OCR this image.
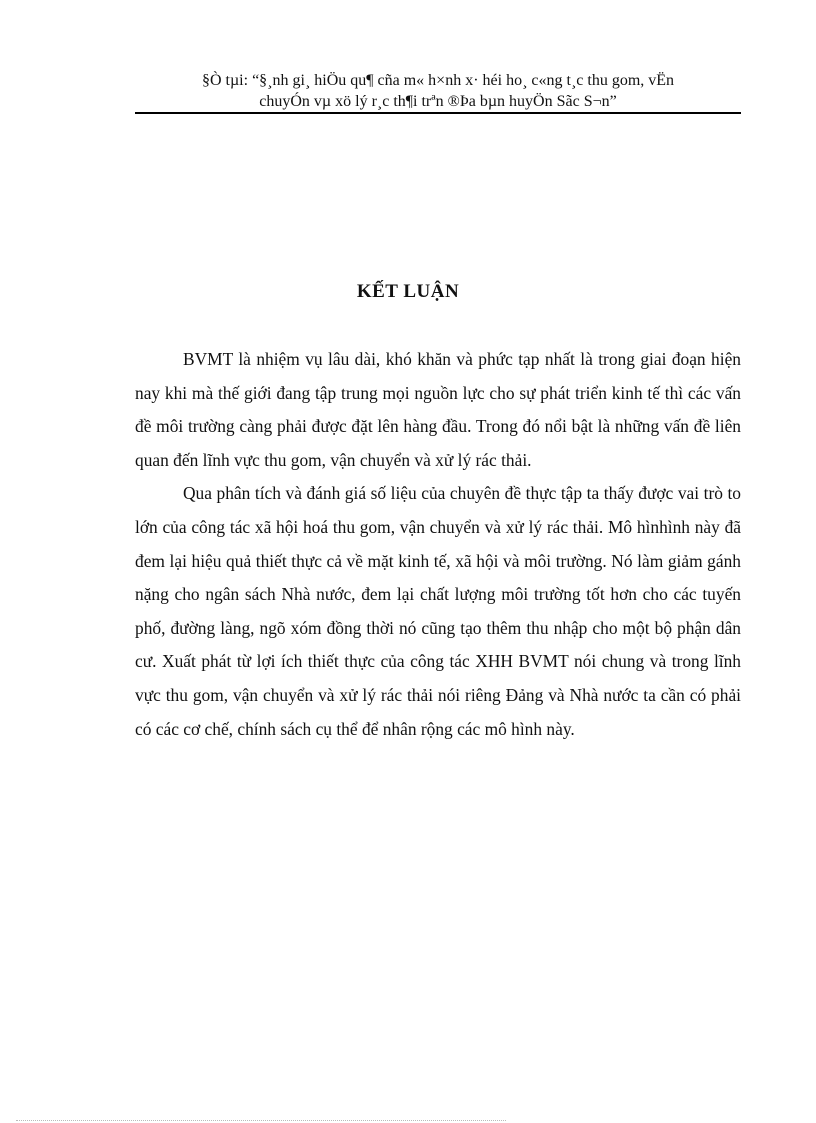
§Ò tµi: “§¸nh gi¸ hiÖu qu¶ cña m« h×nh x· héi ho¸ c«ng t¸c thu gom, vËn
chuyÓn vµ xö lý r¸c th¶i trªn ®Þa bµn huyÖn Sãc S¬n”
KẾT LUẬN

BVMT là nhiệm vụ lâu dài, khó khăn và phức tạp nhất là trong giai đoạn hiện nay khi mà thế giới đang tập trung mọi nguồn lực cho sự phát triển kinh tế thì các vấn đề môi trường càng phải được đặt lên hàng đầu. Trong đó nổi bật là những vấn đề liên quan đến lĩnh vực thu gom, vận chuyển và xử lý rác thải.

Qua phân tích và đánh giá số liệu của chuyên đề thực tập ta thấy được vai trò to lớn của công tác xã hội hoá thu gom, vận chuyển và xử lý rác thải. Mô hìnhình này đã đem lại hiệu quả thiết thực cả về mặt kinh tế, xã hội và môi trường. Nó làm giảm gánh nặng cho ngân sách Nhà nước, đem lại chất lượng môi trường tốt hơn cho các tuyến phố, đường làng, ngõ xóm đồng thời nó cũng tạo thêm thu nhập cho một bộ phận dân cư. Xuất phát từ lợi ích thiết thực của công tác XHH BVMT nói chung và trong lĩnh vực thu gom, vận chuyển và xử lý rác thải nói riêng Đảng và Nhà nước ta cần có phải có các cơ chế, chính sách cụ thể để nhân rộng các mô hình này.
